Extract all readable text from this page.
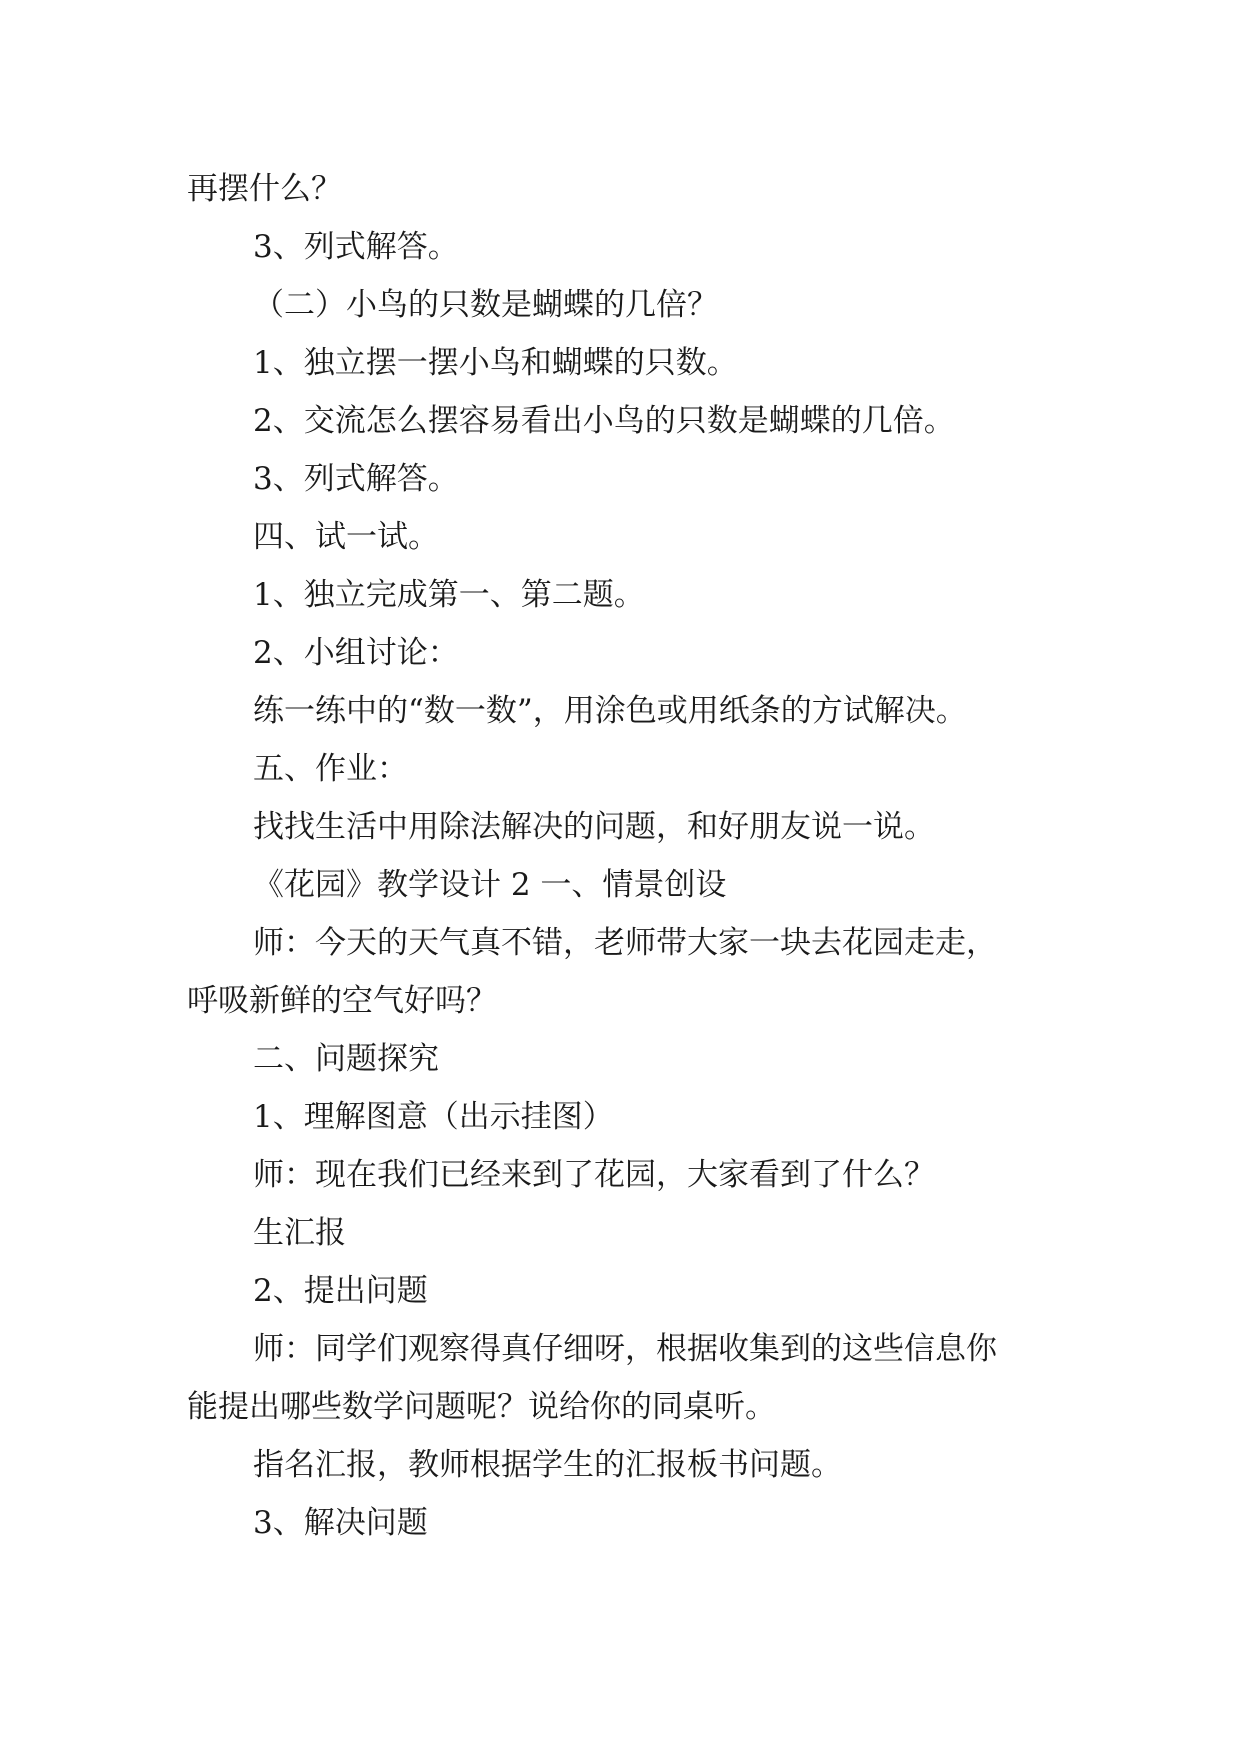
再摆什么？
3、列式解答。
（二）小鸟的只数是蝴蝶的几倍？
1、独立摆一摆小鸟和蝴蝶的只数。
2、交流怎么摆容易看出小鸟的只数是蝴蝶的几倍。
3、列式解答。
四、试一试。
1、独立完成第一、第二题。
2、小组讨论：
练一练中的“数一数”，用涂色或用纸条的方试解决。
五、作业：
找找生活中用除法解决的问题，和好朋友说一说。
《花园》教学设计 2 一、情景创设
师：今天的天气真不错，老师带大家一块去花园走走，
呼吸新鲜的空气好吗？
二、问题探究
1、理解图意（出示挂图）
师：现在我们已经来到了花园，大家看到了什么？
生汇报
2、提出问题
师：同学们观察得真仔细呀，根据收集到的这些信息你
能提出哪些数学问题呢？说给你的同桌听。
指名汇报，教师根据学生的汇报板书问题。
3、解决问题
